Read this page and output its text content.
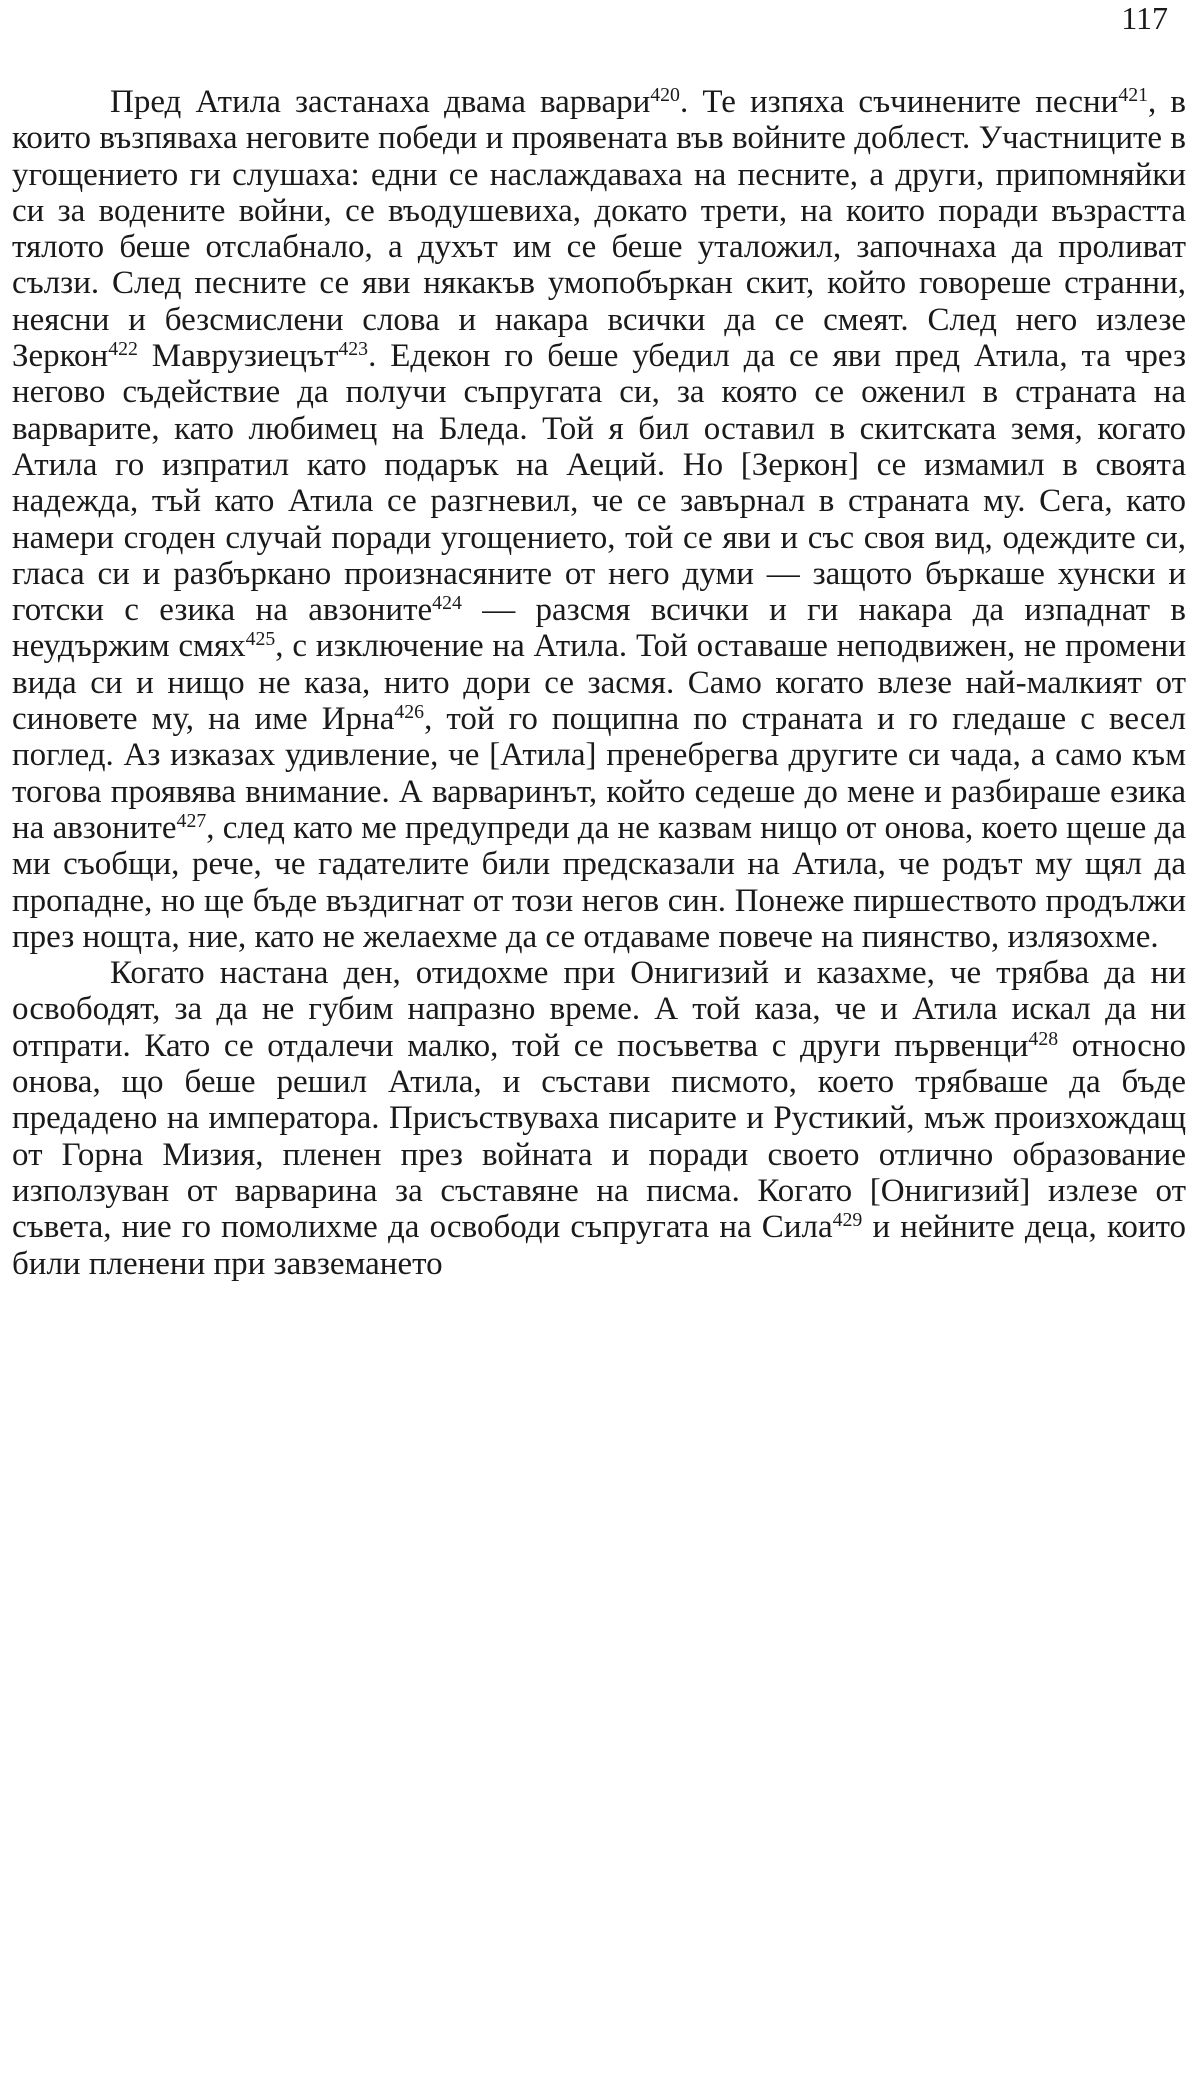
117

Пред Атила застанаха двама варвари$^{420}$. Те изпяха съчинените песни$^{421}$, в които възпяваха неговите победи и проявената във войните доблест. Участниците в угощението ги слушаха: едни се наслаждаваха на песните, а други, припомняйки си за водените войни, се въодушевиха, докато трети, на които поради възрастта тялото беше отслабнало, а духът им се беше уталожил, започнаха да проливат сълзи. След песните се яви някакъв умопобъркан скит, който говореше странни, неясни и безсмислени слова и накара всички да се смеят. След него излезе Зеркон$^{422}$ Маврузиецът$^{423}$. Едекон го беше убедил да се яви пред Атила, та чрез негово съдействие да получи съпругата си, за която се оженил в страната на варварите, като любимец на Бледа. Той я бил оставил в скитската земя, когато Атила го изпратил като подарък на Аеций. Но [Зеркон] се измамил в своята надежда, тъй като Атила се разгневил, че се завърнал в страната му. Сега, като намери сгоден случай поради угощението, той се яви и със своя вид, одеждите си, гласа си и разбъркано произнасяните от него думи — защото бъркаше хунски и готски с езика на авзоните$^{424}$ — разсмя всички и ги накара да изпаднат в неудържим смях$^{425}$, с изключение на Атила. Той оставаше неподвижен, не промени вида си и нищо не каза, нито дори се засмя. Само когато влезе най-малкият от синовете му, на име Ирна$^{426}$, той го пощипна по страната и го гледаше с весел поглед. Аз изказах удивление, че [Атила] пренебрегва другите си чада, а само към тогова проявява внимание. А варваринът, който седеше до мене и разбираше езика на авзоните$^{427}$, след като ме предупреди да не казвам нищо от онова, което щеше да ми съобщи, рече, че гадателите били предсказали на Атила, че родът му щял да пропадне, но ще бъде въздигнат от този негов син. Понеже пиршеството продължи през нощта, ние, като не желаехме да се отдаваме повече на пиянство, излязохме.

Когато настана ден, отидохме при Онигизий и казахме, че трябва да ни освободят, за да не губим напразно време. А той каза, че и Атила искал да ни отпрати. Като се отдалечи малко, той се посъветва с други първенци$^{428}$ относно онова, що беше решил Атила, и състави писмото, което трябваше да бъде предадено на императора. Присъствуваха писарите и Рустикий, мъж произхождащ от Горна Мизия, пленен през войната и поради своето отлично образование използуван от варварина за съставяне на писма. Когато [Онигизий] излезе от съвета, ние го помолихме да освободи съпругата на Сила$^{429}$ и нейните деца, които били пленени при завземането
